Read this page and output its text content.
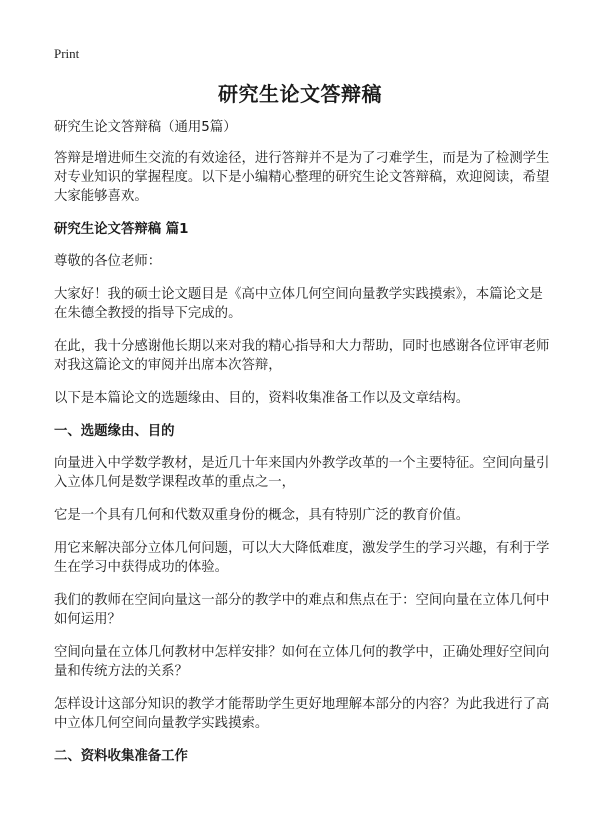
Print
研究生论文答辩稿

研究生论文答辩稿（通用5篇）

答辩是增进师生交流的有效途径，进行答辩并不是为了刁难学生，而是为了检测学生对专业知识的掌握程度。以下是小编精心整理的研究生论文答辩稿，欢迎阅读，希望大家能够喜欢。

研究生论文答辩稿 篇1

尊敬的各位老师：

大家好！我的硕士论文题目是《高中立体几何空间向量教学实践摸索》，本篇论文是在朱德全教授的指导下完成的。

在此，我十分感谢他长期以来对我的精心指导和大力帮助，同时也感谢各位评审老师对我这篇论文的审阅并出席本次答辩，

以下是本篇论文的选题缘由、目的，资料收集准备工作以及文章结构。

一、选题缘由、目的

向量进入中学数学教材，是近几十年来国内外教学改革的一个主要特征。空间向量引入立体几何是数学课程改革的重点之一，

它是一个具有几何和代数双重身份的概念，具有特别广泛的教育价值。

用它来解决部分立体几何问题，可以大大降低难度，激发学生的学习兴趣，有利于学生在学习中获得成功的体验。

我们的教师在空间向量这一部分的教学中的难点和焦点在于：空间向量在立体几何中如何运用？

空间向量在立体几何教材中怎样安排？如何在立体几何的教学中，正确处理好空间向量和传统方法的关系？

怎样设计这部分知识的教学才能帮助学生更好地理解本部分的内容？为此我进行了高中立体几何空间向量教学实践摸索。

二、资料收集准备工作
